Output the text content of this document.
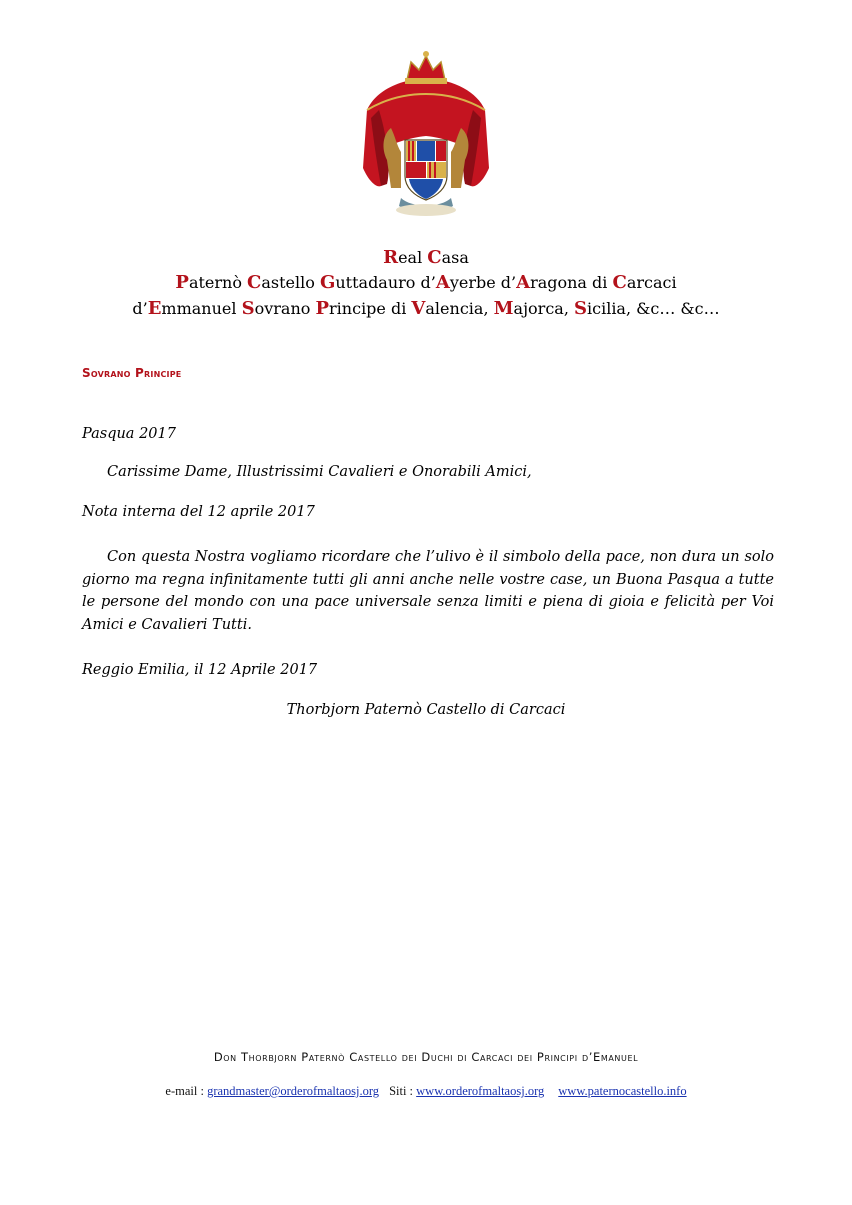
Real Casa
Paternò Castello Guttadauro d’Ayerbe d’Aragona di Carcaci
d’Emmanuel Sovrano Principe di Valencia, Majorca, Sicilia, &c… &c…
Sovrano Principe
Pasqua 2017
Carissime Dame, Illustrissimi Cavalieri e Onorabili Amici,
Nota interna del 12 aprile 2017
Con questa Nostra vogliamo ricordare che l’ulivo è il simbolo della pace, non dura un solo giorno ma regna infinitamente tutti gli anni anche nelle vostre case, un Buona Pasqua a tutte le persone del mondo con una pace universale senza limiti e piena di gioia e felicità per Voi Amici e Cavalieri Tutti.
Reggio Emilia, il 12 Aprile 2017
Thorbjorn Paternò Castello di Carcaci
Don Thorbjorn Paternò Castello dei Duchi di Carcaci dei Principi d’Emanuel
e-mail : grandmaster@orderofmaltaosj.org Siti : www.orderofmaltaosj.org www.paternocastello.info
